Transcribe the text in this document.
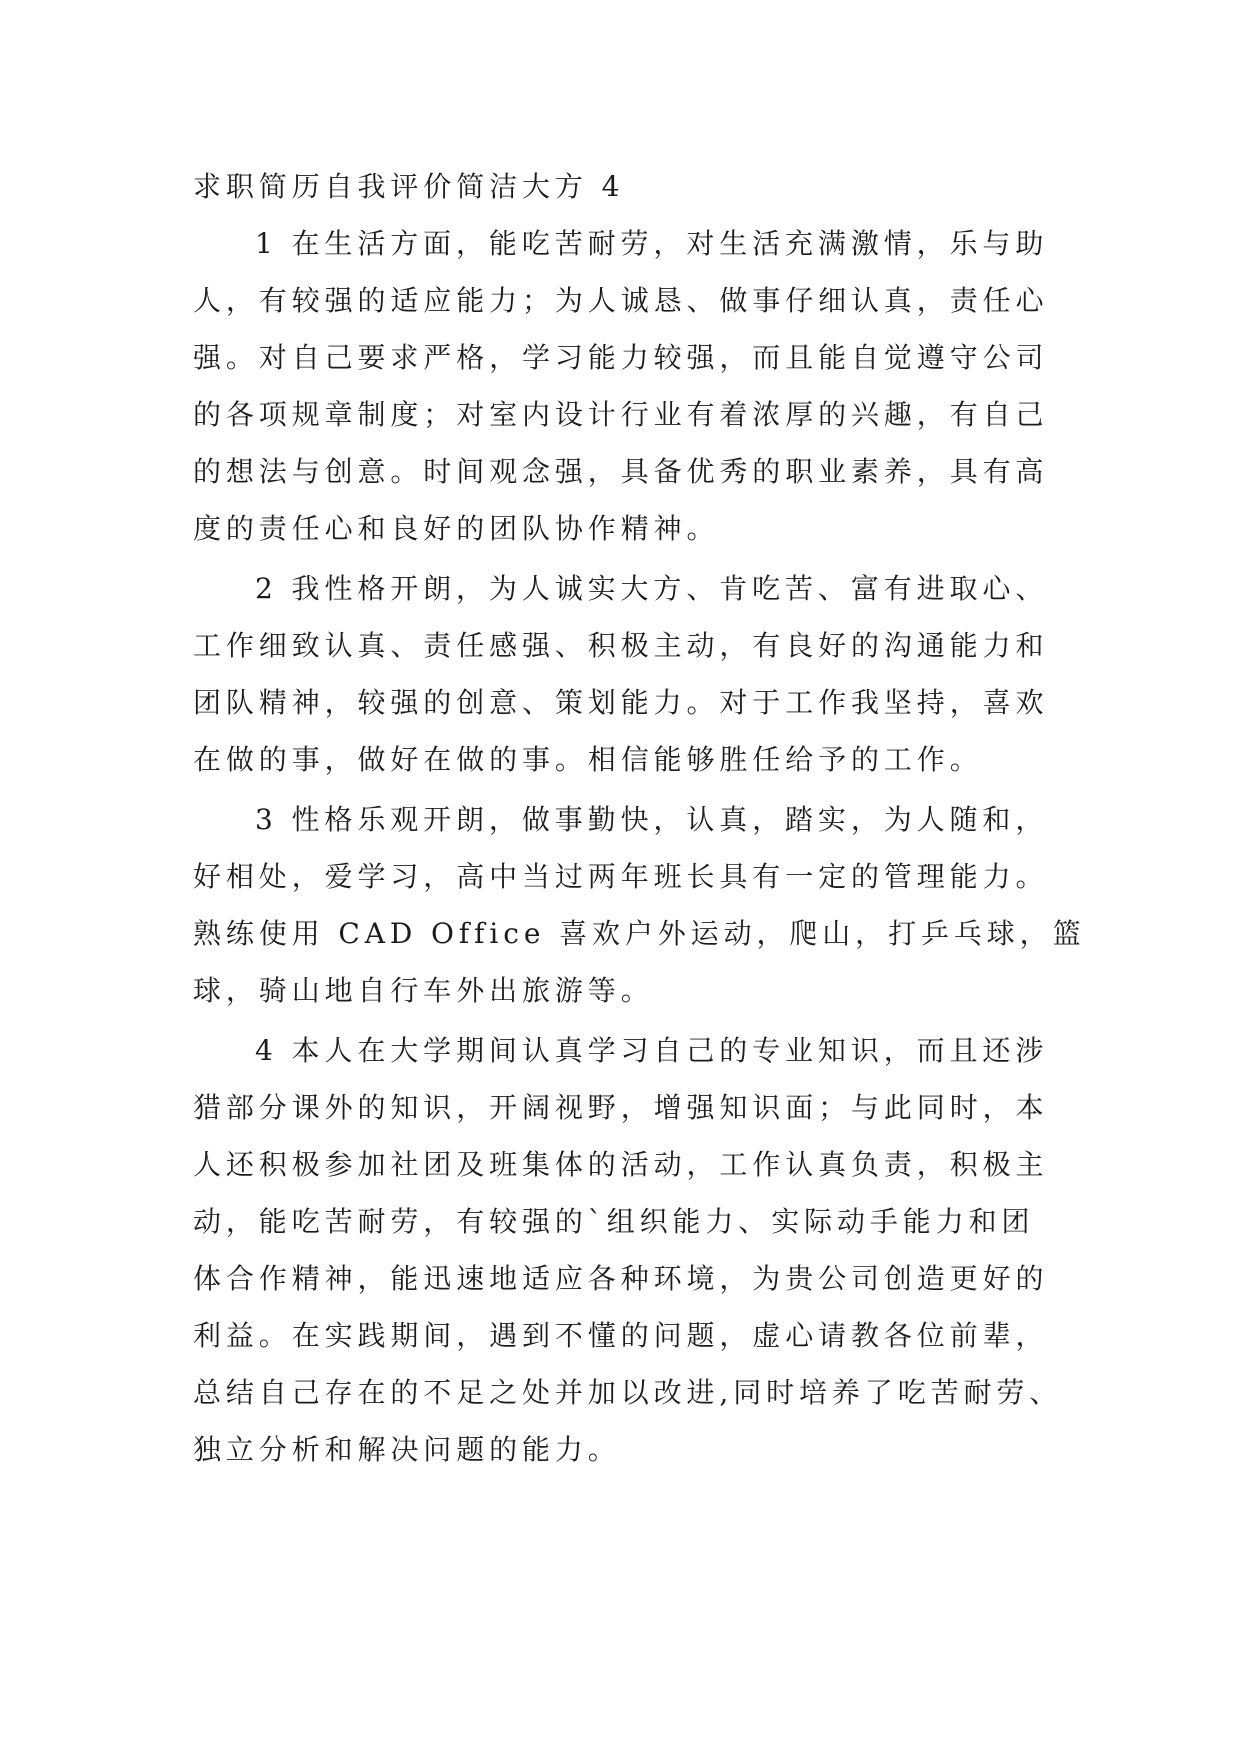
求职简历自我评价简洁大方 4
1 在生活方面，能吃苦耐劳，对生活充满激情，乐与助
人，有较强的适应能力；为人诚恳、做事仔细认真，责任心
强。对自己要求严格，学习能力较强，而且能自觉遵守公司
的各项规章制度；对室内设计行业有着浓厚的兴趣，有自己
的想法与创意。时间观念强，具备优秀的职业素养，具有高
度的责任心和良好的团队协作精神。
2 我性格开朗，为人诚实大方、肯吃苦、富有进取心、
工作细致认真、责任感强、积极主动，有良好的沟通能力和
团队精神，较强的创意、策划能力。对于工作我坚持，喜欢
在做的事，做好在做的事。相信能够胜任给予的工作。
3 性格乐观开朗，做事勤快，认真，踏实，为人随和，
好相处，爱学习，高中当过两年班长具有一定的管理能力。
熟练使用 CAD Office 喜欢户外运动，爬山，打乒乓球，篮
球，骑山地自行车外出旅游等。
4 本人在大学期间认真学习自己的专业知识，而且还涉
猎部分课外的知识，开阔视野，增强知识面；与此同时，本
人还积极参加社团及班集体的活动，工作认真负责，积极主
动，能吃苦耐劳，有较强的`组织能力、实际动手能力和团
体合作精神，能迅速地适应各种环境，为贵公司创造更好的
利益。在实践期间，遇到不懂的问题，虚心请教各位前辈，
总结自己存在的不足之处并加以改进,同时培养了吃苦耐劳、
独立分析和解决问题的能力。
